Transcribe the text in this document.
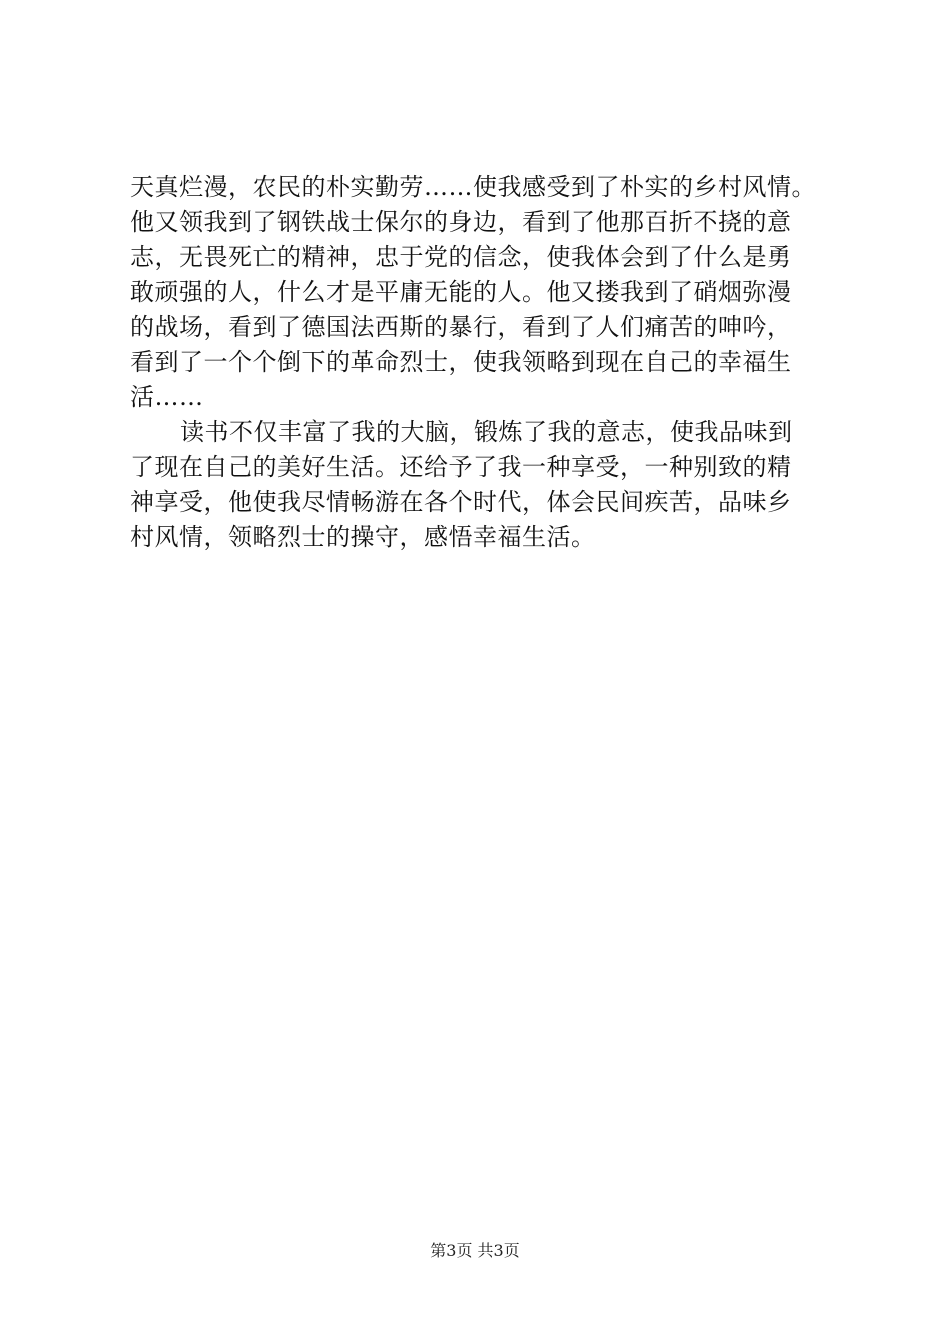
天真烂漫，农民的朴实勤劳……使我感受到了朴实的乡村风情。
他又领我到了钢铁战士保尔的身边，看到了他那百折不挠的意
志，无畏死亡的精神，忠于党的信念，使我体会到了什么是勇
敢顽强的人，什么才是平庸无能的人。他又搂我到了硝烟弥漫
的战场，看到了德国法西斯的暴行，看到了人们痛苦的呻吟，
看到了一个个倒下的革命烈士，使我领略到现在自己的幸福生
活……
读书不仅丰富了我的大脑，锻炼了我的意志，使我品味到
了现在自己的美好生活。还给予了我一种享受，一种别致的精
神享受，他使我尽情畅游在各个时代，体会民间疾苦，品味乡
村风情，领略烈士的操守，感悟幸福生活。
第3页 共3页
